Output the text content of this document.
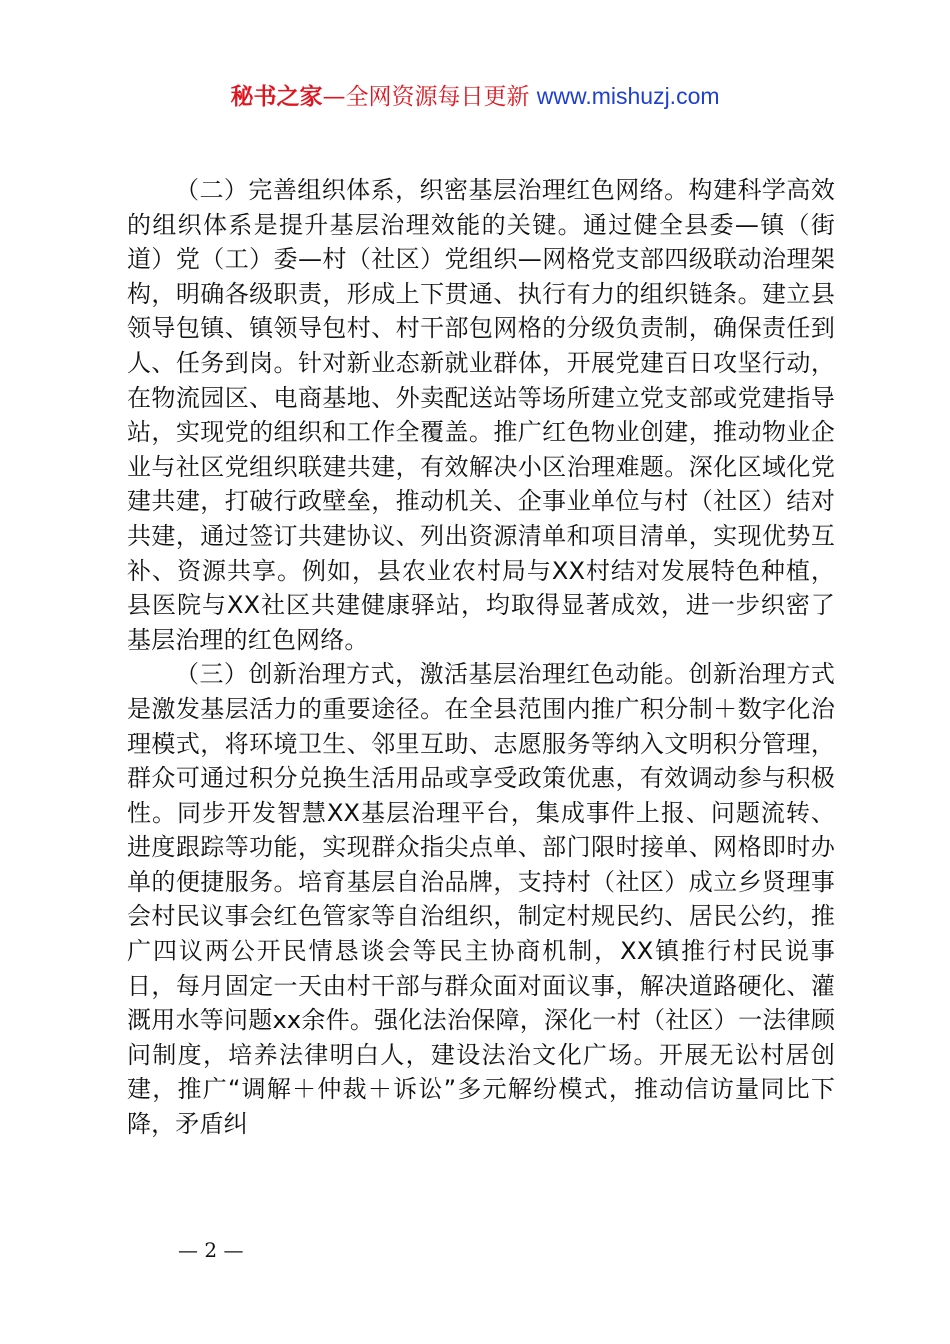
秘书之家—全网资源每日更新 www.mishuzj.com

（二）完善组织体系，织密基层治理红色网络。构建科学高效的组织体系是提升基层治理效能的关键。通过健全县委—镇（街道）党（工）委—村（社区）党组织—网格党支部四级联动治理架构，明确各级职责，形成上下贯通、执行有力的组织链条。建立县领导包镇、镇领导包村、村干部包网格的分级负责制，确保责任到人、任务到岗。针对新业态新就业群体，开展党建百日攻坚行动，在物流园区、电商基地、外卖配送站等场所建立党支部或党建指导站，实现党的组织和工作全覆盖。推广红色物业创建，推动物业企业与社区党组织联建共建，有效解决小区治理难题。深化区域化党建共建，打破行政壁垒，推动机关、企事业单位与村（社区）结对共建，通过签订共建协议、列出资源清单和项目清单，实现优势互补、资源共享。例如，县农业农村局与XX村结对发展特色种植，县医院与XX社区共建健康驿站，均取得显著成效，进一步织密了基层治理的红色网络。

（三）创新治理方式，激活基层治理红色动能。创新治理方式是激发基层活力的重要途径。在全县范围内推广积分制＋数字化治理模式，将环境卫生、邻里互助、志愿服务等纳入文明积分管理，群众可通过积分兑换生活用品或享受政策优惠，有效调动参与积极性。同步开发智慧XX基层治理平台，集成事件上报、问题流转、进度跟踪等功能，实现群众指尖点单、部门限时接单、网格即时办单的便捷服务。培育基层自治品牌，支持村（社区）成立乡贤理事会村民议事会红色管家等自治组织，制定村规民约、居民公约，推广四议两公开民情恳谈会等民主协商机制，XX镇推行村民说事日，每月固定一天由村干部与群众面对面议事，解决道路硬化、灌溉用水等问题xx余件。强化法治保障，深化一村（社区）一法律顾问制度，培养法律明白人，建设法治文化广场。开展无讼村居创建，推广“调解＋仲裁＋诉讼”多元解纷模式，推动信访量同比下降，矛盾纠

— 2 —
